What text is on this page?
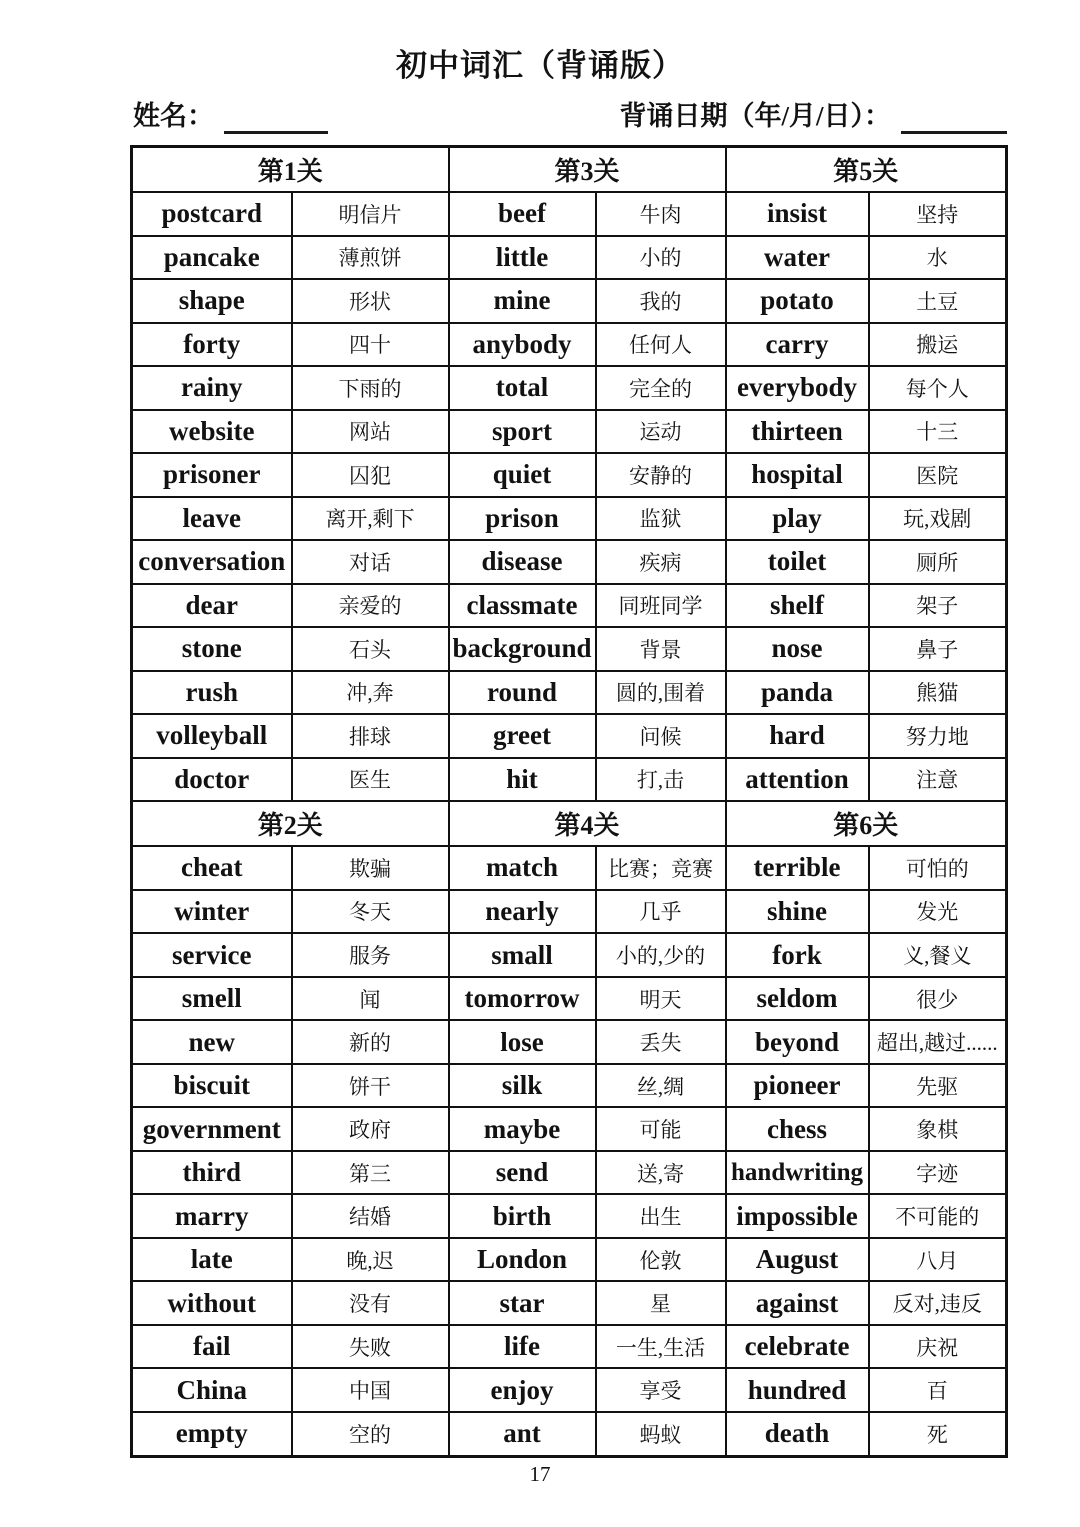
初中词汇（背诵版）
姓名：	背诵日期（年/月/日）：
第1关		第3关		第5关	
postcard	明信片	beef	牛肉	insist	坚持
pancake	薄煎饼	little	小的	water	水
shape	形状	mine	我的	potato	土豆
forty	四十	anybody	任何人	carry	搬运
rainy	下雨的	total	完全的	everybody	每个人
website	网站	sport	运动	thirteen	十三
prisoner	囚犯	quiet	安静的	hospital	医院
leave	离开,剩下	prison	监狱	play	玩,戏剧
conversation	对话	disease	疾病	toilet	厕所
dear	亲爱的	classmate	同班同学	shelf	架子
stone	石头	background	背景	nose	鼻子
rush	冲,奔	round	圆的,围着	panda	熊猫
volleyball	排球	greet	问候	hard	努力地
doctor	医生	hit	打,击	attention	注意
第2关		第4关		第6关	
cheat	欺骗	match	比赛；竞赛	terrible	可怕的
winter	冬天	nearly	几乎	shine	发光
service	服务	small	小的,少的	fork	义,餐义
smell	闻	tomorrow	明天	seldom	很少
new	新的	lose	丢失	beyond	超出,越过......
biscuit	饼干	silk	丝,绸	pioneer	先驱
government	政府	maybe	可能	chess	象棋
third	第三	send	送,寄	handwriting	字迹
marry	结婚	birth	出生	impossible	不可能的
late	晚,迟	London	伦敦	August	八月
without	没有	star	星	against	反对,违反
fail	失败	life	一生,生活	celebrate	庆祝
China	中国	enjoy	享受	hundred	百
empty	空的	ant	蚂蚁	death	死
17
